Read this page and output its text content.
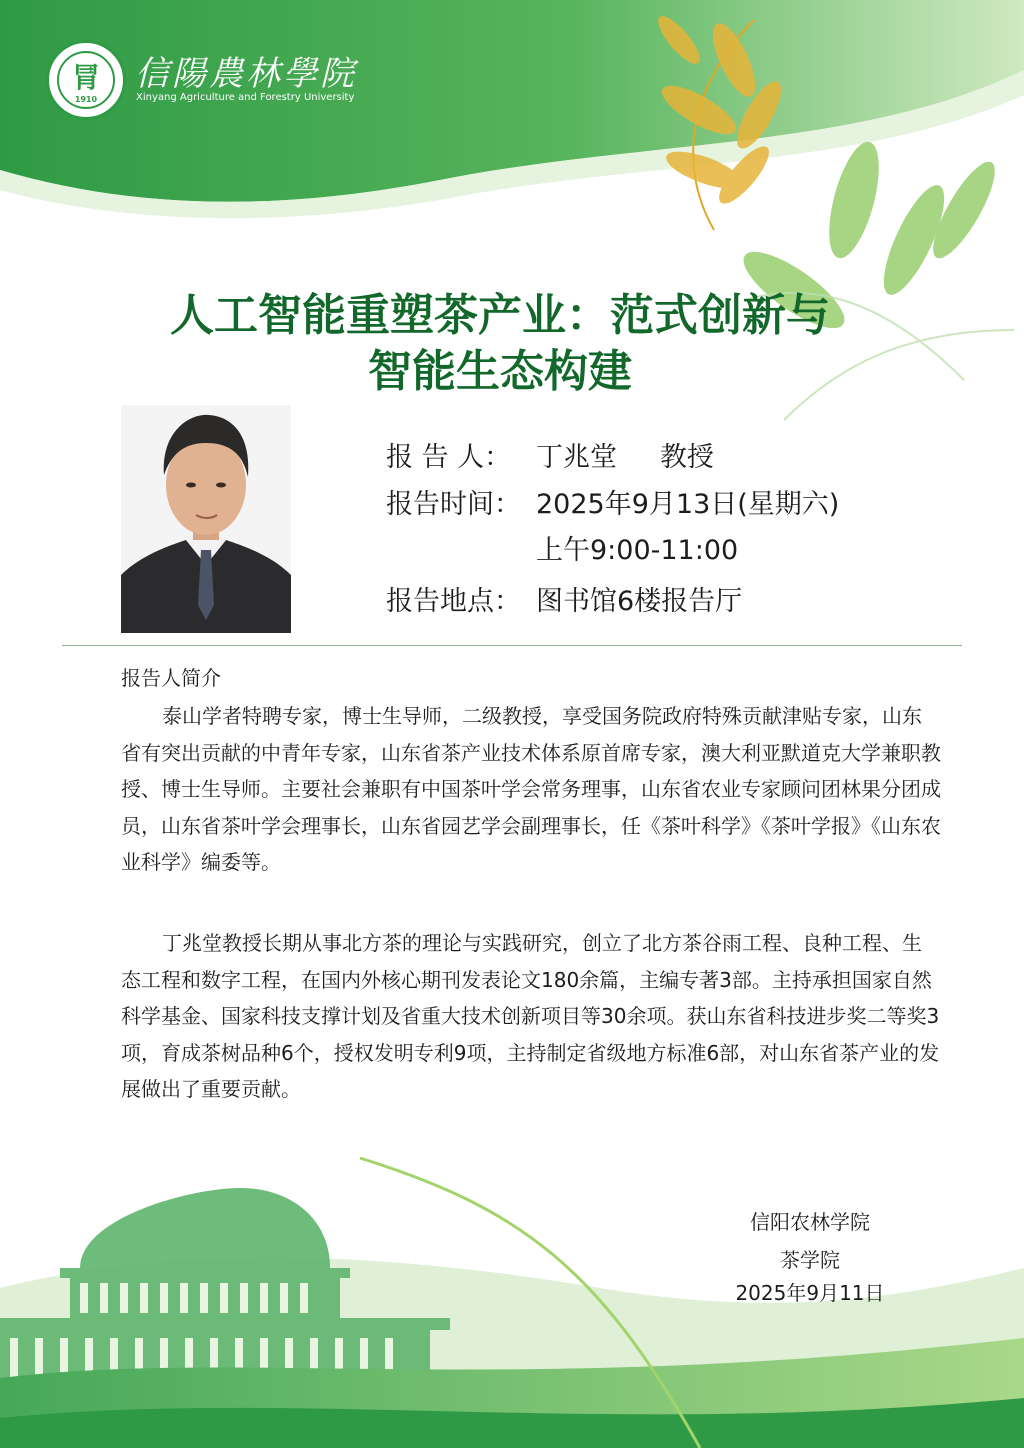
冐
1910
信陽農林學院
Xinyang Agriculture and Forestry University
人工智能重塑茶产业：范式创新与
智能生态构建
报 告 人： 丁兆堂     教授
报告时间： 2025年9月13日(星期六)
上午9:00-11:00
报告地点： 图书馆6楼报告厅
报告人简介
泰山学者特聘专家，博士生导师，二级教授，享受国务院政府特殊贡献津贴专家，山东省有突出贡献的中青年专家，山东省茶产业技术体系原首席专家，澳大利亚默道克大学兼职教授、博士生导师。主要社会兼职有中国茶叶学会常务理事，山东省农业专家顾问团林果分团成员，山东省茶叶学会理事长，山东省园艺学会副理事长，任《茶叶科学》《茶叶学报》《山东农业科学》编委等。
丁兆堂教授长期从事北方茶的理论与实践研究，创立了北方茶谷雨工程、良种工程、生态工程和数字工程，在国内外核心期刊发表论文180余篇，主编专著3部。主持承担国家自然科学基金、国家科技支撑计划及省重大技术创新项目等30余项。获山东省科技进步奖二等奖3项，育成茶树品种6个，授权发明专利9项，主持制定省级地方标准6部，对山东省茶产业的发展做出了重要贡献。
信阳农林学院
茶学院
2025年9月11日
